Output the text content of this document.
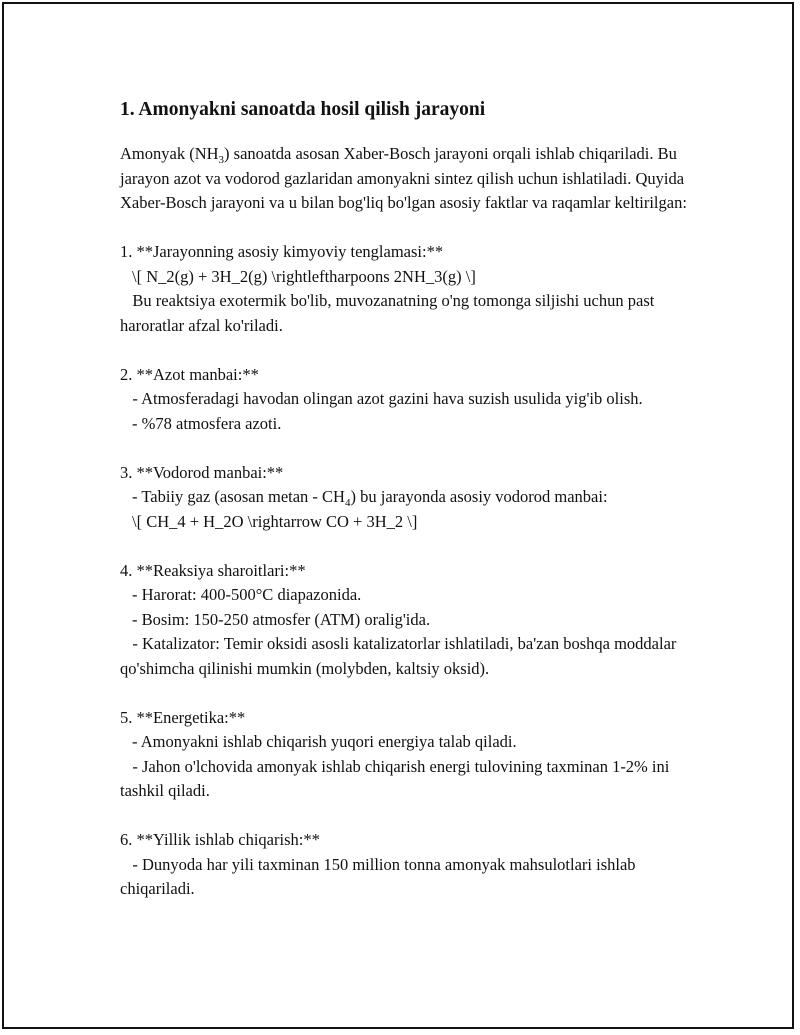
1. Amonyakni sanoatda hosil qilish jarayoni

Amonyak $(NH_3)$ sanoatda asosan Xaber-Bosch jarayoni orqali ishlab chiqariladi. Bu jarayon azot va vodorod gazlaridan amonyakni sintez qilish uchun ishlatiladi. Quyida Xaber-Bosch jarayoni va u bilan bog'liq bo'lgan asosiy faktlar va raqamlar keltirilgan:

1. **Jarayonning asosiy kimyoviy tenglamasi:**

\[ N_2(g) + 3H_2(g) \rightleftharpoons 2NH_3(g) \]

Bu reaktsiya exotermik bo'lib, muvozanatning o'ng tomonga siljishi uchun past haroratlar afzal ko'riladi.

2. **Azot manbai:**

- Atmosferadagi havodan olingan azot gazini hava suzish usulida yig'ib olish.

- %78 atmosfera azoti.

3. **Vodorod manbai:**

- Tabiiy gaz (asosan metan - $CH_4$) bu jarayonda asosiy vodorod manbai:

\[ CH_4 + H_2O \rightarrow CO + 3H_2 \]

4. **Reaksiya sharoitlari:**

- Harorat: 400-500°C diapazonida.

- Bosim: 150-250 atmosfer (ATM) oralig'ida.

- Katalizator: Temir oksidi asosli katalizatorlar ishlatiladi, ba'zan boshqa moddalar qo'shimcha qilinishi mumkin (molybden, kaltsiy oksid).

5. **Energetika:**

- Amonyakni ishlab chiqarish yuqori energiya talab qiladi.

- Jahon o'lchovida amonyak ishlab chiqarish energi tulovining taxminan 1-2% ini tashkil qiladi.

6. **Yillik ishlab chiqarish:**

- Dunyoda har yili taxminan 150 million tonna amonyak mahsulotlari ishlab chiqariladi.
